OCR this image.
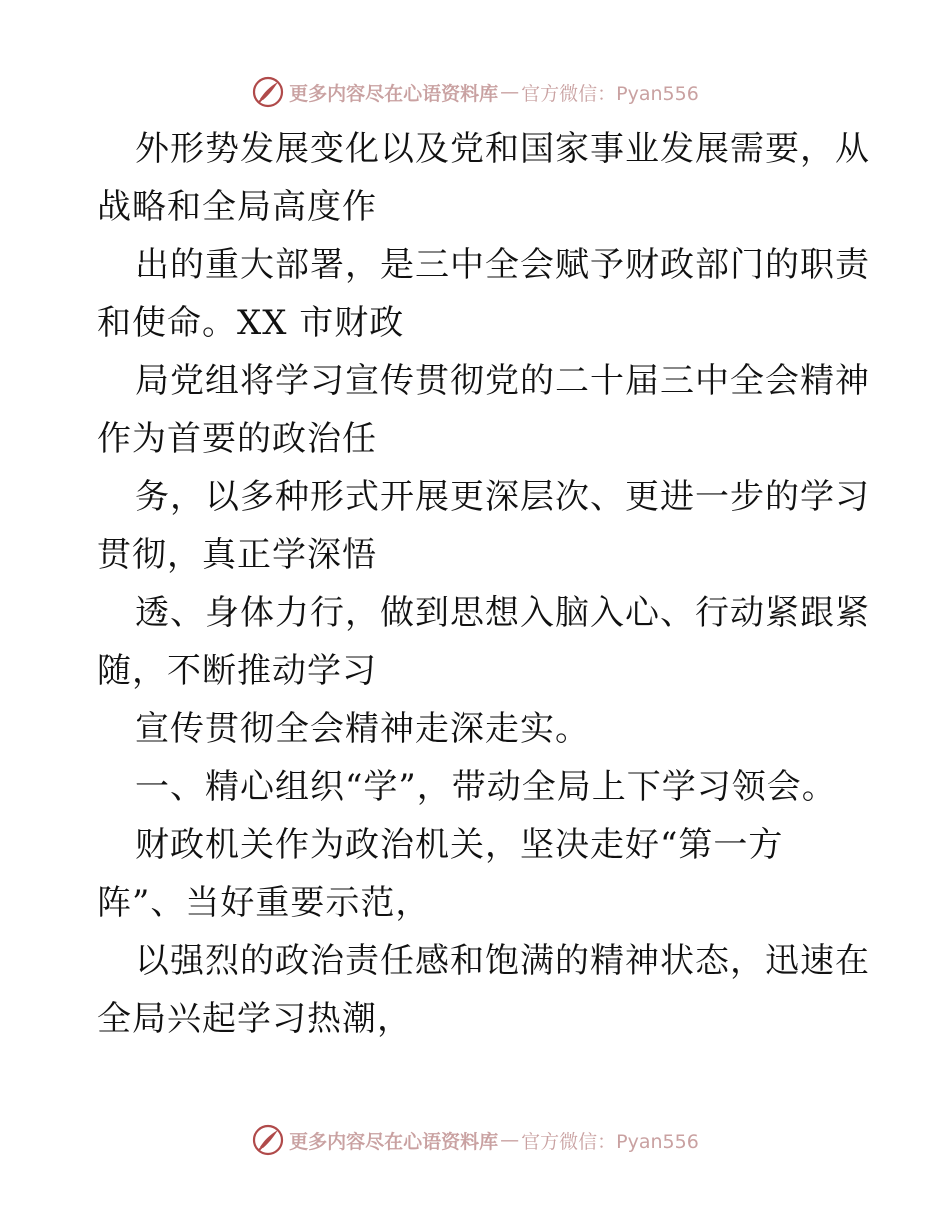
更多内容尽在心语资料库 — 官方微信：Pyan556
外形势发展变化以及党和国家事业发展需要，从
战略和全局高度作
出的重大部署，是三中全会赋予财政部门的职责
和使命。XX 市财政
局党组将学习宣传贯彻党的二十届三中全会精神
作为首要的政治任
务，以多种形式开展更深层次、更进一步的学习
贯彻，真正学深悟
透、身体力行，做到思想入脑入心、行动紧跟紧
随，不断推动学习
宣传贯彻全会精神走深走实。
一、精心组织“学”，带动全局上下学习领会。
财政机关作为政治机关，坚决走好“第一方
阵”、当好重要示范，
以强烈的政治责任感和饱满的精神状态，迅速在
全局兴起学习热潮，
更多内容尽在心语资料库 — 官方微信：Pyan556
